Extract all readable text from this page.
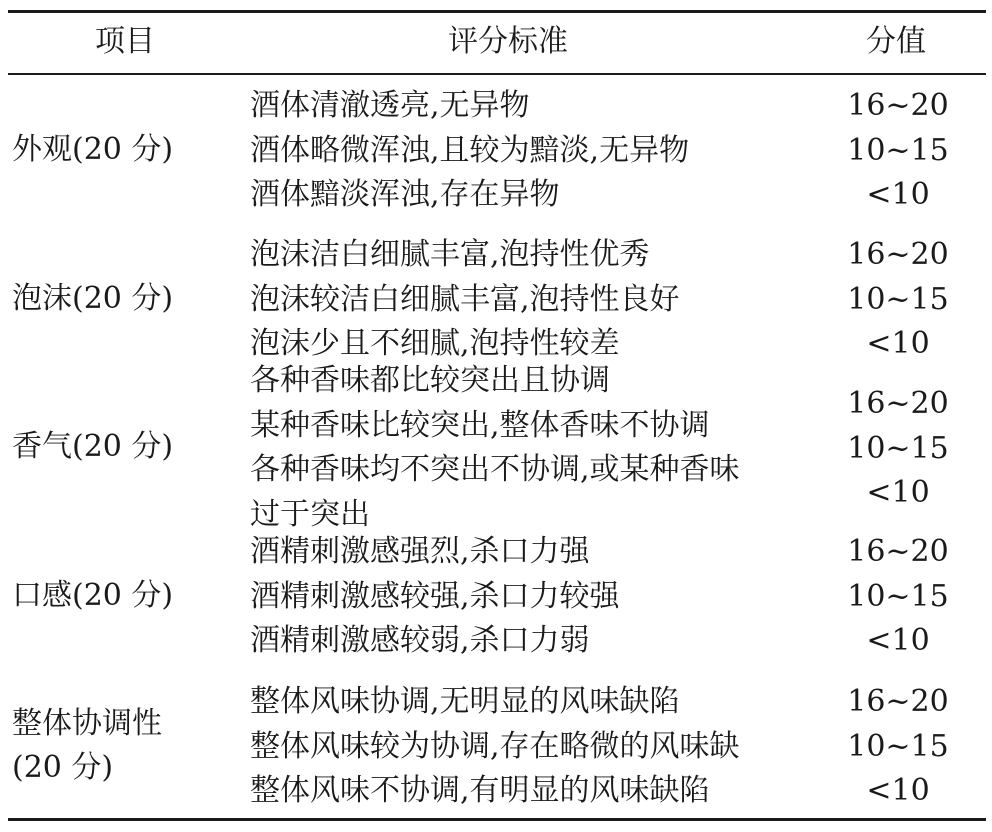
项目	评分标准	分值
外观(20 分)
酒体清澈透亮,无异物
酒体略微浑浊,且较为黯淡,无异物
酒体黯淡浑浊,存在异物
16~20
10~15
<10
泡沫(20 分)
泡沫洁白细腻丰富,泡持性优秀
泡沫较洁白细腻丰富,泡持性良好
泡沫少且不细腻,泡持性较差
16~20
10~15
<10
香气(20 分)
各种香味都比较突出且协调
某种香味比较突出,整体香味不协调
各种香味均不突出不协调,或某种香味
过于突出
16~20
10~15
<10
口感(20 分)
酒精刺激感强烈,杀口力强
酒精刺激感较强,杀口力较强
酒精刺激感较弱,杀口力弱
16~20
10~15
<10
整体协调性
(20 分)
整体风味协调,无明显的风味缺陷
整体风味较为协调,存在略微的风味缺
整体风味不协调,有明显的风味缺陷
16~20
10~15
<10
